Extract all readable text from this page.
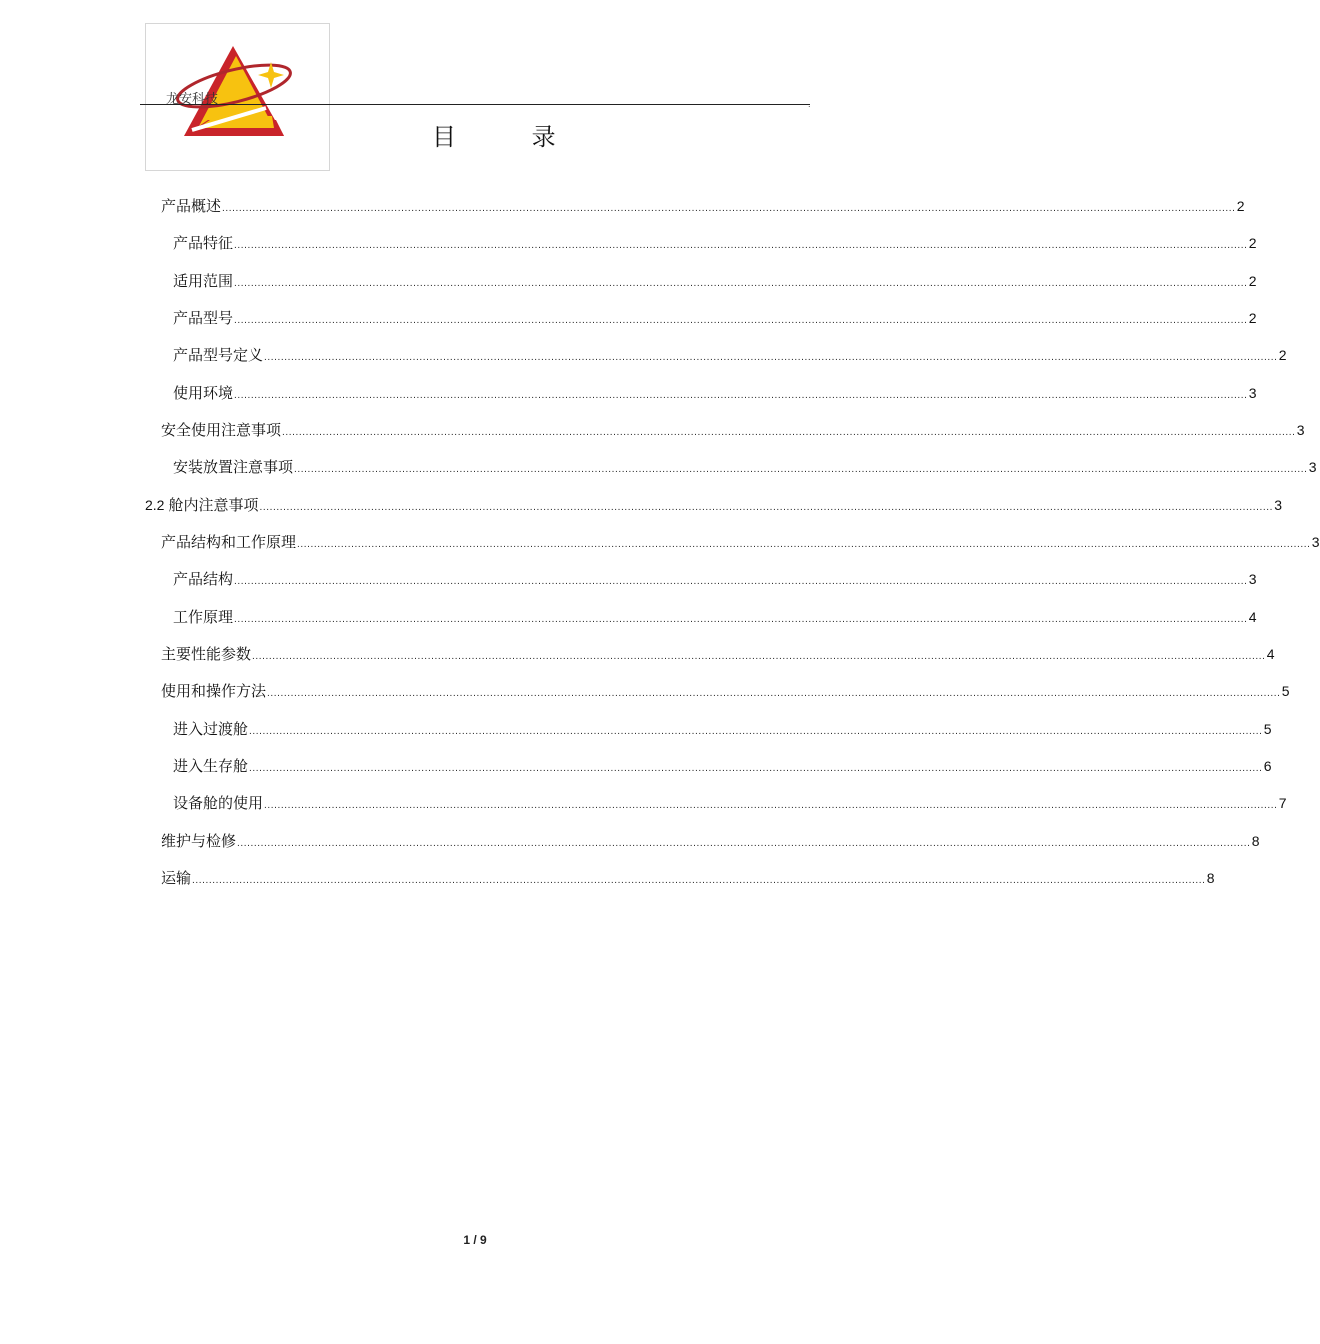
龙安科技	.
目 录
产品概述 ............................................................................................................................................................................................................................................................................................................ 2
产品特征 ............................................................................................................................................................................................................................................................................................................ 2
适用范围 ............................................................................................................................................................................................................................................................................................................ 2
产品型号 ............................................................................................................................................................................................................................................................................................................ 2
产品型号定义 ............................................................................................................................................................................................................................................................................................................ 2
使用环境 ............................................................................................................................................................................................................................................................................................................ 3
安全使用注意事项 ............................................................................................................................................................................................................................................................................................................ 3
安装放置注意事项 ............................................................................................................................................................................................................................................................................................................ 3
2.2 舱内注意事项 ............................................................................................................................................................................................................................................................................................................ 3
产品结构和工作原理 ............................................................................................................................................................................................................................................................................................................ 3
产品结构 ............................................................................................................................................................................................................................................................................................................ 3
工作原理 ............................................................................................................................................................................................................................................................................................................ 4
主要性能参数 ............................................................................................................................................................................................................................................................................................................ 4
使用和操作方法 ............................................................................................................................................................................................................................................................................................................ 5
进入过渡舱 ............................................................................................................................................................................................................................................................................................................ 5
进入生存舱 ............................................................................................................................................................................................................................................................................................................ 6
设备舱的使用 ............................................................................................................................................................................................................................................................................................................ 7
维护与检修 ............................................................................................................................................................................................................................................................................................................ 8
运输 ............................................................................................................................................................................................................................................................................................................ 8
1 / 9
